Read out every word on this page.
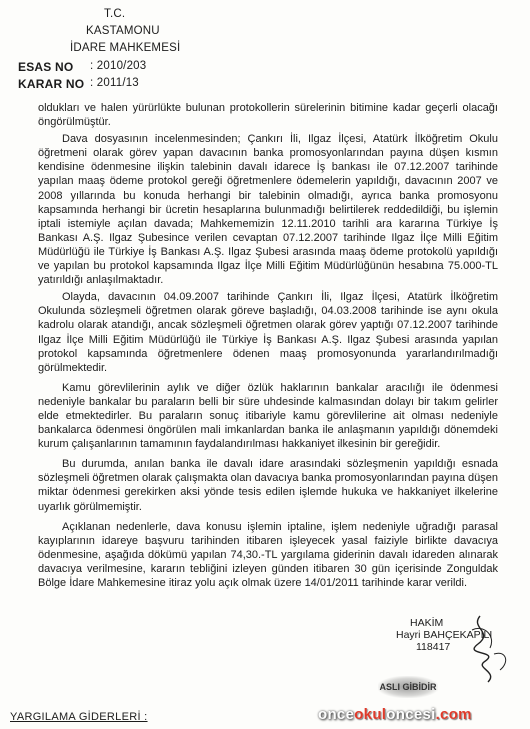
T.C.
KASTAMONU
İDARE MAHKEMESİ
ESAS NO : 2010/203
KARAR NO : 2011/13

oldukları ve halen yürürlükte bulunan protokollerin sürelerinin bitimine kadar geçerli olacağı öngörülmüştür.

Dava dosyasının incelenmesinden; Çankırı İli, Ilgaz İlçesi, Atatürk İlköğretim Okulu öğretmeni olarak görev yapan davacının banka promosyonlarından payına düşen kısmın kendisine ödenmesine ilişkin talebinin davalı idarece İş bankası ile 07.12.2007 tarihinde yapılan maaş ödeme protokol gereği öğretmenlere ödemelerin yapıldığı, davacının 2007 ve 2008 yıllarında bu konuda herhangi bir talebinin olmadığı, ayrıca banka promosyonu kapsamında herhangi bir ücretin hesaplarına bulunmadığı belirtilerek reddedildiği, bu işlemin iptali istemiyle açılan davada; Mahkememizin 12.11.2010 tarihli ara kararına Türkiye İş Bankası A.Ş. Ilgaz Şubesince verilen cevaptan 07.12.2007 tarihinde Ilgaz İlçe Milli Eğitim Müdürlüğü ile Türkiye İş Bankası A.Ş. Ilgaz Şubesi arasında maaş ödeme protokolü yapıldığı ve yapılan bu protokol kapsamında Ilgaz İlçe Milli Eğitim Müdürlüğünün hesabına 75.000-TL yatırıldığı anlaşılmaktadır.

Olayda, davacının 04.09.2007 tarihinde Çankırı İli, Ilgaz İlçesi, Atatürk İlköğretim Okulunda sözleşmeli öğretmen olarak göreve başladığı, 04.03.2008 tarihinde ise aynı okula kadrolu olarak atandığı, ancak sözleşmeli öğretmen olarak görev yaptığı 07.12.2007 tarihinde Ilgaz İlçe Milli Eğitim Müdürlüğü ile Türkiye İş Bankası A.Ş. Ilgaz Şubesi arasında yapılan protokol kapsamında öğretmenlere ödenen maaş promosyonunda yararlandırılmadığı görülmektedir.

Kamu görevlilerinin aylık ve diğer özlük haklarının bankalar aracılığı ile ödenmesi nedeniyle bankalar bu paraların belli bir süre uhdesinde kalmasından dolayı bir takım gelirler elde etmektedirler. Bu paraların sonuç itibariyle kamu görevlilerine ait olması nedeniyle bankalarca ödenmesi öngörülen mali imkanlardan banka ile anlaşmanın yapıldığı dönemdeki kurum çalışanlarının tamamının faydalandırılması hakkaniyet ilkesinin bir gereğidir.

Bu durumda, anılan banka ile davalı idare arasındaki sözleşmenin yapıldığı esnada sözleşmeli öğretmen olarak çalışmakta olan davacıya banka promosyonlarından payına düşen miktar ödenmesi gerekirken aksi yönde tesis edilen işlemde hukuka ve hakkaniyet ilkelerine uyarlık görülmemiştir.

Açıklanan nedenlerle, dava konusu işlemin iptaline, işlem nedeniyle uğradığı parasal kayıplarının idareye başvuru tarihinden itibaren işleyecek yasal faiziyle birlikte davacıya ödenmesine, aşağıda dökümü yapılan 74,30.-TL yargılama giderinin davalı idareden alınarak davacıya verilmesine, kararın tebliğini izleyen günden itibaren 30 gün içerisinde Zonguldak Bölge İdare Mahkemesine itiraz yolu açık olmak üzere 14/01/2011 tarihinde karar verildi.

HAKİM
Hayri BAHÇEKAPILI
118417
ASLI GİBİDİR
YARGILAMA GİDERLERİ :	onceokuloncesi.com
